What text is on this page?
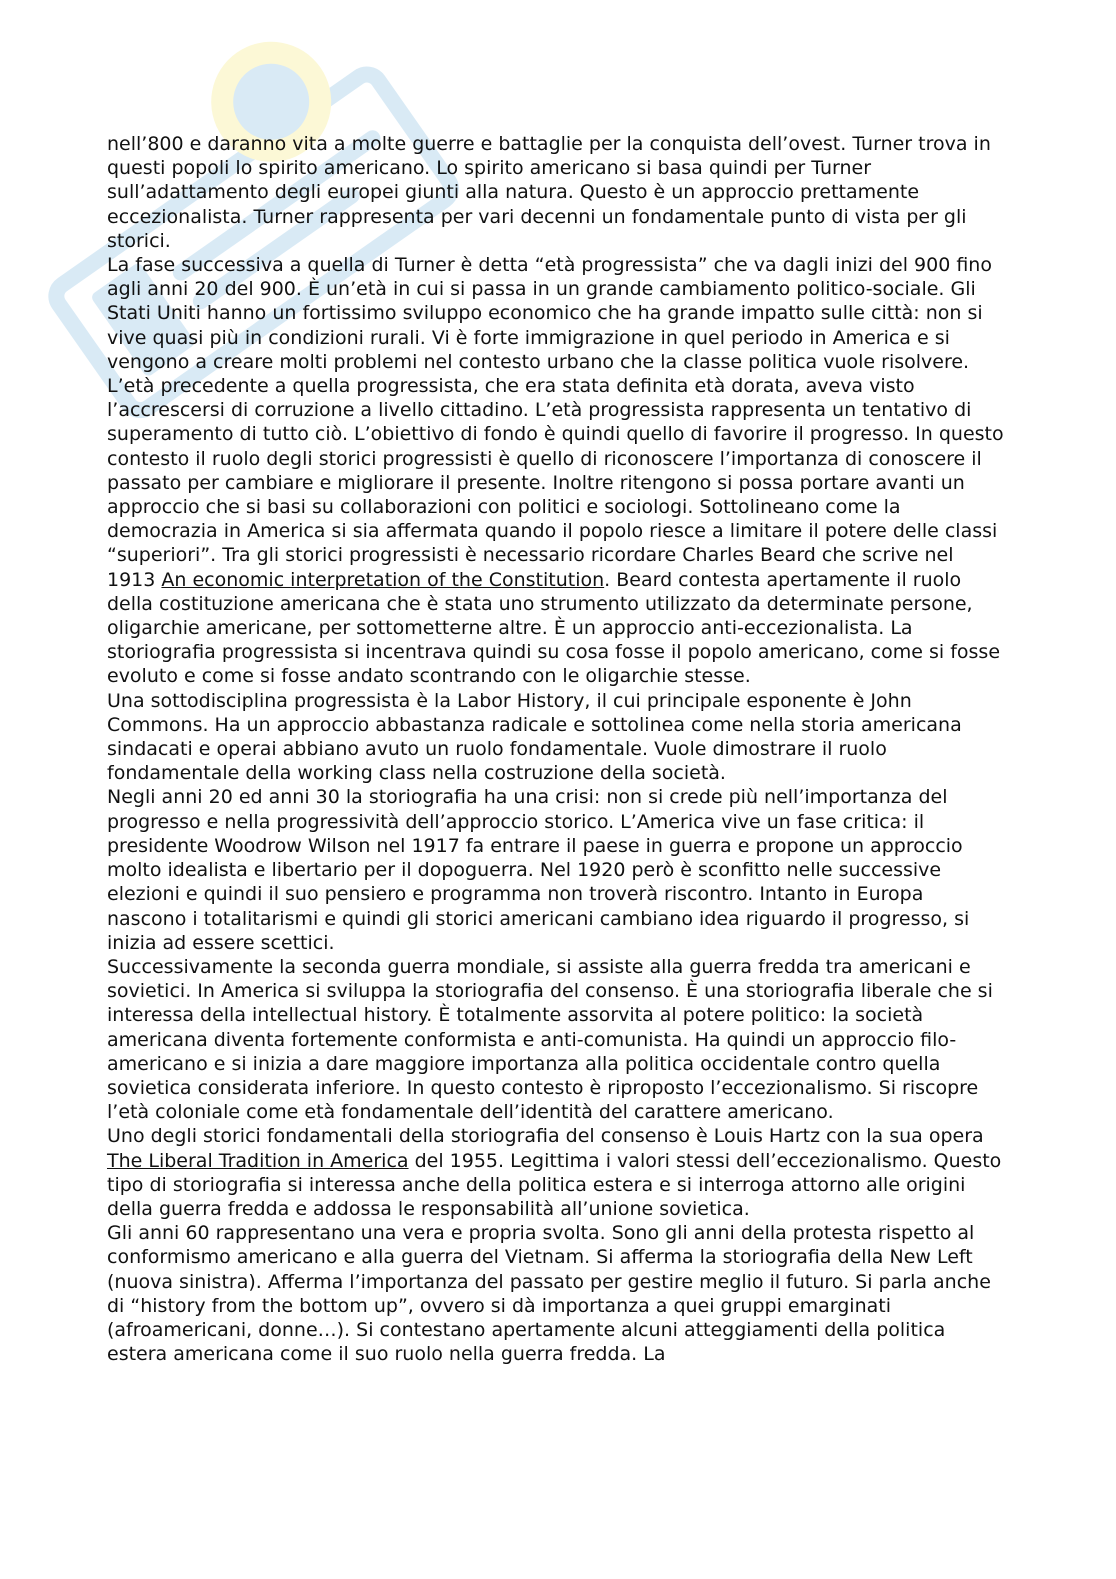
nell’800 e daranno vita a molte guerre e battaglie per la conquista dell’ovest. Turner trova in questi popoli lo spirito americano. Lo spirito americano si basa quindi per Turner sull’adattamento degli europei giunti alla natura. Questo è un approccio prettamente eccezionalista. Turner rappresenta per vari decenni un fondamentale punto di vista per gli storici.

La fase successiva a quella di Turner è detta “età progressista” che va dagli inizi del 900 fino agli anni 20 del 900. È un’età in cui si passa in un grande cambiamento politico-sociale. Gli Stati Uniti hanno un fortissimo sviluppo economico che ha grande impatto sulle città: non si vive quasi più in condizioni rurali. Vi è forte immigrazione in quel periodo in America e si vengono a creare molti problemi nel contesto urbano che la classe politica vuole risolvere. L’età precedente a quella progressista, che era stata definita età dorata, aveva visto l’accrescersi di corruzione a livello cittadino. L’età progressista rappresenta un tentativo di superamento di tutto ciò. L’obiettivo di fondo è quindi quello di favorire il progresso. In questo contesto il ruolo degli storici progressisti è quello di riconoscere l’importanza di conoscere il passato per cambiare e migliorare il presente. Inoltre ritengono si possa portare avanti un approccio che si basi su collaborazioni con politici e sociologi. Sottolineano come la democrazia in America si sia affermata quando il popolo riesce a limitare il potere delle classi “superiori”. Tra gli storici progressisti è necessario ricordare Charles Beard che scrive nel 1913 An economic interpretation of the Constitution. Beard contesta apertamente il ruolo della costituzione americana che è stata uno strumento utilizzato da determinate persone, oligarchie americane, per sottometterne altre. È un approccio anti-eccezionalista. La storiografia progressista si incentrava quindi su cosa fosse il popolo americano, come si fosse evoluto e come si fosse andato scontrando con le oligarchie stesse.

Una sottodisciplina progressista è la Labor History, il cui principale esponente è John Commons. Ha un approccio abbastanza radicale e sottolinea come nella storia americana sindacati e operai abbiano avuto un ruolo fondamentale. Vuole dimostrare il ruolo fondamentale della working class nella costruzione della società.

Negli anni 20 ed anni 30 la storiografia ha una crisi: non si crede più nell’importanza del progresso e nella progressività dell’approccio storico. L’America vive un fase critica: il presidente Woodrow Wilson nel 1917 fa entrare il paese in guerra e propone un approccio molto idealista e libertario per il dopoguerra. Nel 1920 però è sconfitto nelle successive elezioni e quindi il suo pensiero e programma non troverà riscontro. Intanto in Europa nascono i totalitarismi e quindi gli storici americani cambiano idea riguardo il progresso, si inizia ad essere scettici.

Successivamente la seconda guerra mondiale, si assiste alla guerra fredda tra americani e sovietici. In America si sviluppa la storiografia del consenso. È una storiografia liberale che si interessa della intellectual history. È totalmente assorvita al potere politico: la società americana diventa fortemente conformista e anti-comunista. Ha quindi un approccio filo-americano e si inizia a dare maggiore importanza alla politica occidentale contro quella sovietica considerata inferiore. In questo contesto è riproposto l’eccezionalismo. Si riscopre l’età coloniale come età fondamentale dell’identità del carattere americano.

Uno degli storici fondamentali della storiografia del consenso è Louis Hartz con la sua opera The Liberal Tradition in America del 1955. Legittima i valori stessi dell’eccezionalismo. Questo tipo di storiografia si interessa anche della politica estera e si interroga attorno alle origini della guerra fredda e addossa le responsabilità all’unione sovietica.

Gli anni 60 rappresentano una vera e propria svolta. Sono gli anni della protesta rispetto al conformismo americano e alla guerra del Vietnam. Si afferma la storiografia della New Left (nuova sinistra). Afferma l’importanza del passato per gestire meglio il futuro. Si parla anche di “history from the bottom up”, ovvero si dà importanza a quei gruppi emarginati (afroamericani, donne…). Si contestano apertamente alcuni atteggiamenti della politica estera americana come il suo ruolo nella guerra fredda. La
